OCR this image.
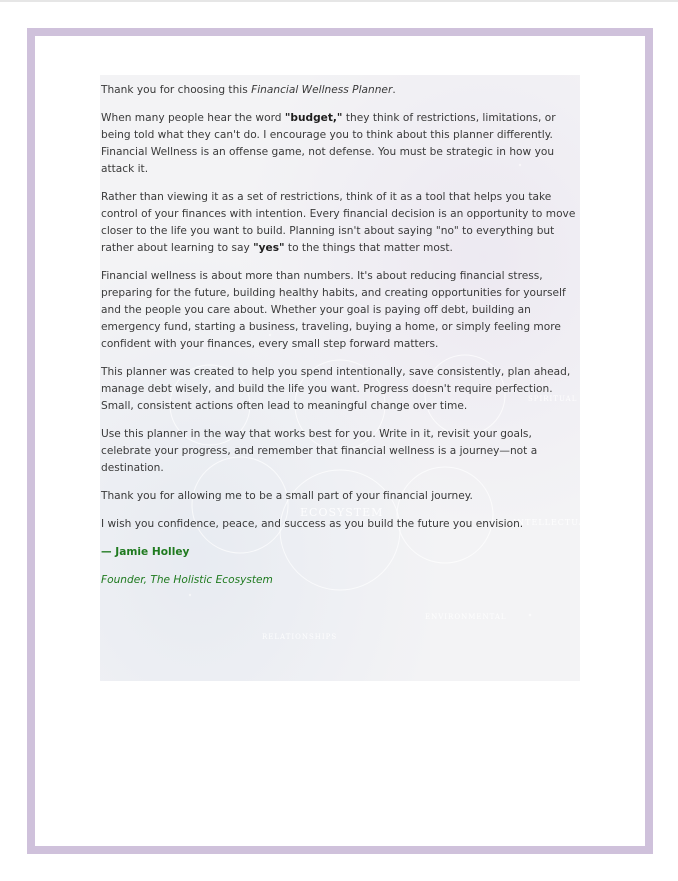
ECOSYSTEM
INTELLECTUAL
SPIRITUAL
ENVIRONMENTAL
RELATIONSHIPS

Thank you for choosing this Financial Wellness Planner.

When many people hear the word "budget," they think of restrictions, limitations, or being told what they can't do. I encourage you to think about this planner differently. Financial Wellness is an offense game, not defense. You must be strategic in how you attack it.

Rather than viewing it as a set of restrictions, think of it as a tool that helps you take control of your finances with intention. Every financial decision is an opportunity to move closer to the life you want to build. Planning isn't about saying "no" to everything but rather about learning to say "yes" to the things that matter most.

Financial wellness is about more than numbers. It's about reducing financial stress, preparing for the future, building healthy habits, and creating opportunities for yourself and the people you care about. Whether your goal is paying off debt, building an emergency fund, starting a business, traveling, buying a home, or simply feeling more confident with your finances, every small step forward matters.

This planner was created to help you spend intentionally, save consistently, plan ahead, manage debt wisely, and build the life you want. Progress doesn't require perfection. Small, consistent actions often lead to meaningful change over time.

Use this planner in the way that works best for you. Write in it, revisit your goals, celebrate your progress, and remember that financial wellness is a journey—not a destination.

Thank you for allowing me to be a small part of your financial journey.

I wish you confidence, peace, and success as you build the future you envision.

— Jamie Holley

Founder, The Holistic Ecosystem
